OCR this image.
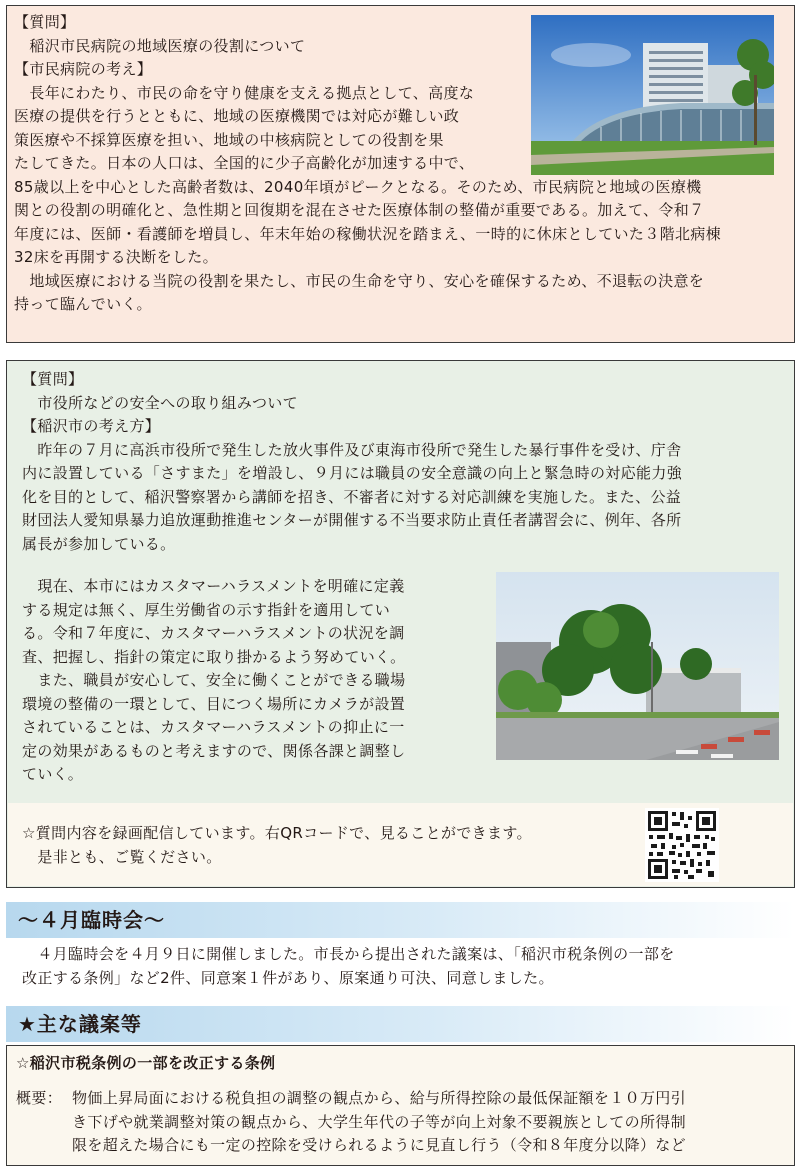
【質問】
　稲沢市民病院の地域医療の役割について
【市民病院の考え】
　長年にわたり、市民の命を守り健康を支える拠点として、高度な
医療の提供を行うとともに、地域の医療機関では対応が難しい政
策医療や不採算医療を担い、地域の中核病院としての役割を果
たしてきた。日本の人口は、全国的に少子高齢化が加速する中で、
85歳以上を中心とした高齢者数は、2040年頃がピークとなる。そのため、市民病院と地域の医療機
関との役割の明確化と、急性期と回復期を混在させた医療体制の整備が重要である。加えて、令和７
年度には、医師・看護師を増員し、年末年始の稼働状況を踏まえ、一時的に休床としていた３階北病棟
32床を再開する決断をした。
　地域医療における当院の役割を果たし、市民の生命を守り、安心を確保するため、不退転の決意を
持って臨んでいく。
【質問】
　市役所などの安全への取り組みついて
【稲沢市の考え方】
　昨年の７月に高浜市役所で発生した放火事件及び東海市役所で発生した暴行事件を受け、庁舎
内に設置している「さすまた」を増設し、９月には職員の安全意識の向上と緊急時の対応能力強
化を目的として、稲沢警察署から講師を招き、不審者に対する対応訓練を実施した。また、公益
財団法人愛知県暴力追放運動推進センターが開催する不当要求防止責任者講習会に、例年、各所
属長が参加している。
　現在、本市にはカスタマーハラスメントを明確に定義
する規定は無く、厚生労働省の示す指針を適用してい
る。令和７年度に、カスタマーハラスメントの状況を調
査、把握し、指針の策定に取り掛かるよう努めていく。
　また、職員が安心して、安全に働くことができる職場
環境の整備の一環として、目につく場所にカメラが設置
されていることは、カスタマーハラスメントの抑止に一
定の効果があるものと考えますので、関係各課と調整し
ていく。
☆質問内容を録画配信しています。右QRコードで、見ることができます。
　是非とも、ご覧ください。
～４月臨時会～
　４月臨時会を４月９日に開催しました。市長から提出された議案は、「稲沢市税条例の一部を
改正する条例」など2件、同意案１件があり、原案通り可決、同意しました。
★主な議案等
☆稲沢市税条例の一部を改正する条例
概要： 物価上昇局面における税負担の調整の観点から、給与所得控除の最低保証額を１０万円引
き下げや就業調整対策の観点から、大学生年代の子等が向上対象不要親族としての所得制
限を超えた場合にも一定の控除を受けられるように見直し行う（令和８年度分以降）など
